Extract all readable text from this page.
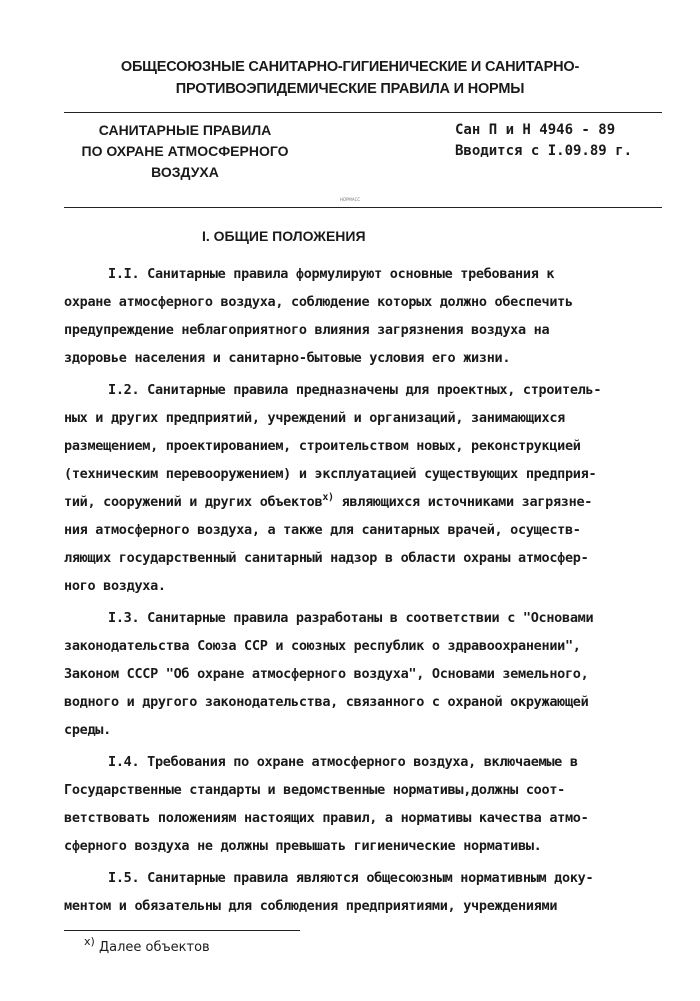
ОБЩЕСОЮЗНЫЕ САНИТАРНО-ГИГИЕНИЧЕСКИЕ И САНИТАРНО-
ПРОТИВОЭПИДЕМИЧЕСКИЕ ПРАВИЛА И НОРМЫ
САНИТАРНЫЕ ПРАВИЛА
ПО ОХРАНЕ АТМОСФЕРНОГО
ВОЗДУХА
Сан П и Н 4946 - 89
Вводится с I.09.89 г.
НОРМАСС
I. ОБЩИЕ ПОЛОЖЕНИЯ
I.I. Санитарные правила формулируют основные требования к
охране атмосферного воздуха, соблюдение которых должно обеспечить
предупреждение неблагоприятного влияния загрязнения воздуха на
здоровье населения и санитарно-бытовые условия его жизни.
I.2. Санитарные правила предназначены для проектных, строитель-
ных и других предприятий, учреждений и организаций, занимающихся
размещением, проектированием, строительством новых, реконструкцией
(техническим перевооружением) и эксплуатацией существующих предприя-
тий, сооружений и других объектов$^{x)}$ являющихся источниками загрязне-
ния атмосферного воздуха, а также для санитарных врачей, осуществ-
ляющих государственный санитарный надзор в области охраны атмосфер-
ного воздуха.
I.3. Санитарные правила разработаны в соответствии с "Основами
законодательства Союза ССР и союзных республик о здравоохранении",
Законом СССР "Об охране атмосферного воздуха", Основами земельного,
водного и другого законодательства, связанного с охраной окружающей
среды.
I.4. Требования по охране атмосферного воздуха, включаемые в
Государственные стандарты и ведомственные нормативы,должны соот-
ветствовать положениям настоящих правил, а нормативы качества атмо-
сферного воздуха не должны превышать гигиенические нормативы.
I.5. Санитарные правила являются общесоюзным нормативным доку-
ментом и обязательны для соблюдения предприятиями, учреждениями
$^{x)}$ Далее объектов
